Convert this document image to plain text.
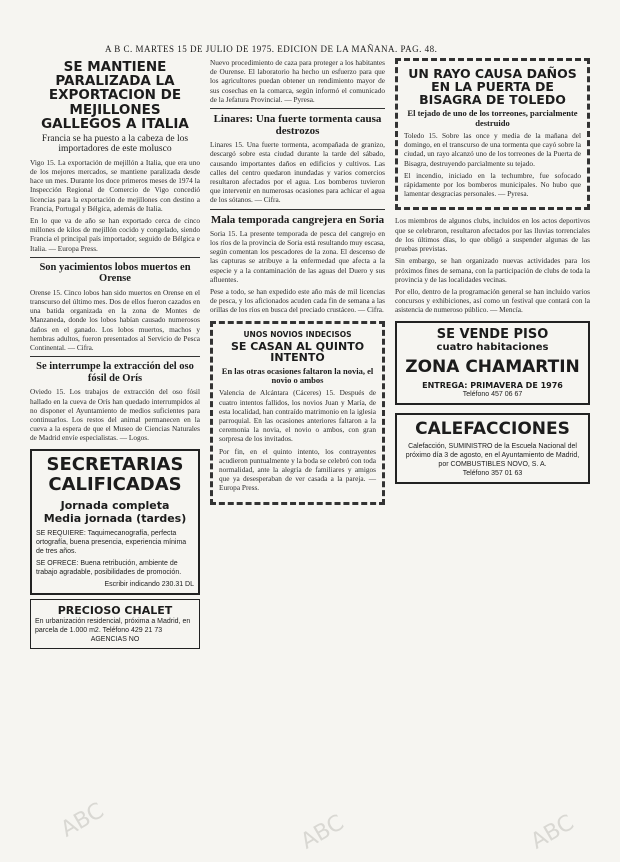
ABC	ABC	ABC
A B C. MARTES 15 DE JULIO DE 1975. EDICION DE LA MAÑANA. PAG. 48.
SE MANTIENE PARALIZADA LA EXPORTACION DE MEJILLONES GALLEGOS A ITALIA

Francia se ha puesto a la cabeza de los importadores de este molusco

Vigo 15. La exportación de mejillón a Italia, que era uno de los mejores mercados, se mantiene paralizada desde hace un mes. Durante los doce primeros meses de 1974 la Inspección Regional de Comercio de Vigo concedió licencias para la exportación de mejillones con destino a Francia, Portugal y Bélgica, además de Italia.

En lo que va de año se han exportado cerca de cinco millones de kilos de mejillón cocido y congelado, siendo Francia el principal país importador, seguido de Bélgica e Italia. — Europa Press.

Son yacimientos lobos muertos en Orense

Orense 15. Cinco lobos han sido muertos en Orense en el transcurso del último mes. Dos de ellos fueron cazados en una batida organizada en la zona de Montes de Manzaneda, donde los lobos habían causado numerosos daños en el ganado. Los lobos muertos, machos y hembras adultos, fueron presentados al Servicio de Pesca Continental. — Cifra.

Se interrumpe la extracción del oso fósil de Orís

Oviedo 15. Los trabajos de extracción del oso fósil hallado en la cueva de Orís han quedado interrumpidos al no disponer el Ayuntamiento de medios suficientes para continuarlos. Los restos del animal permanecen en la cueva a la espera de que el Museo de Ciencias Naturales de Madrid envíe especialistas. — Logos.

SECRETARIAS CALIFICADAS
Jornada completa
Media jornada (tardes)

SE REQUIERE: Taquimecanografía, perfecta ortografía, buena presencia, experiencia mínima de tres años.

SE OFRECE: Buena retribución, ambiente de trabajo agradable, posibilidades de promoción.

Escribir indicando 230.31 DL

PRECIOSO CHALET

En urbanización residencial, próxima a Madrid, en parcela de 1.000 m2. Teléfono 429 21 73

AGENCIAS NO

Nuevo procedimiento de caza para proteger a los habitantes de Ourense. El laboratorio ha hecho un esfuerzo para que los agricultores puedan obtener un rendimiento mayor de sus cosechas en la comarca, según informó el comunicado de la Jefatura Provincial. — Pyresa.

Linares: Una fuerte tormenta causa destrozos

Linares 15. Una fuerte tormenta, acompañada de granizo, descargó sobre esta ciudad durante la tarde del sábado, causando importantes daños en edificios y cultivos. Las calles del centro quedaron inundadas y varios comercios resultaron afectados por el agua. Los bomberos tuvieron que intervenir en numerosas ocasiones para achicar el agua de los sótanos. — Cifra.

Mala temporada cangrejera en Soria

Soria 15. La presente temporada de pesca del cangrejo en los ríos de la provincia de Soria está resultando muy escasa, según comentan los pescadores de la zona. El descenso de las capturas se atribuye a la enfermedad que afecta a la especie y a la contaminación de las aguas del Duero y sus afluentes.

Pese a todo, se han expedido este año más de mil licencias de pesca, y los aficionados acuden cada fin de semana a las orillas de los ríos en busca del preciado crustáceo. — Cifra.

UNOS NOVIOS INDECISOS
SE CASAN AL QUINTO INTENTO

En las otras ocasiones faltaron la novia, el novio o ambos

Valencia de Alcántara (Cáceres) 15. Después de cuatro intentos fallidos, los novios Juan y María, de esta localidad, han contraído matrimonio en la iglesia parroquial. En las ocasiones anteriores faltaron a la ceremonia la novia, el novio o ambos, con gran sorpresa de los invitados.

Por fin, en el quinto intento, los contrayentes acudieron puntualmente y la boda se celebró con toda normalidad, ante la alegría de familiares y amigos que ya desesperaban de ver casada a la pareja. — Europa Press.

UN RAYO CAUSA DAÑOS EN LA PUERTA DE BISAGRA DE TOLEDO

El tejado de uno de los torreones, parcialmente destruido

Toledo 15. Sobre las once y media de la mañana del domingo, en el transcurso de una tormenta que cayó sobre la ciudad, un rayo alcanzó uno de los torreones de la Puerta de Bisagra, destruyendo parcialmente su tejado.

El incendio, iniciado en la techumbre, fue sofocado rápidamente por los bomberos municipales. No hubo que lamentar desgracias personales. — Pyresa.

Los miembros de algunos clubs, incluidos en los actos deportivos que se celebraron, resultaron afectados por las lluvias torrenciales de los últimos días, lo que obligó a suspender algunas de las pruebas previstas.

Sin embargo, se han organizado nuevas actividades para los próximos fines de semana, con la participación de clubs de toda la provincia y de las localidades vecinas.

Por ello, dentro de la programación general se han incluido varios concursos y exhibiciones, así como un festival que contará con la asistencia de numeroso público. — Mencía.

SE VENDE PISO
cuatro habitaciones
ZONA CHAMARTIN
ENTREGA: PRIMAVERA DE 1976
Teléfono 457 06 67
CALEFACCIONES

Calefacción, SUMINISTRO de la Escuela Nacional del próximo día 3 de agosto, en el Ayuntamiento de Madrid, por COMBUSTIBLES NOVO, S. A.

Teléfono 357 01 63
